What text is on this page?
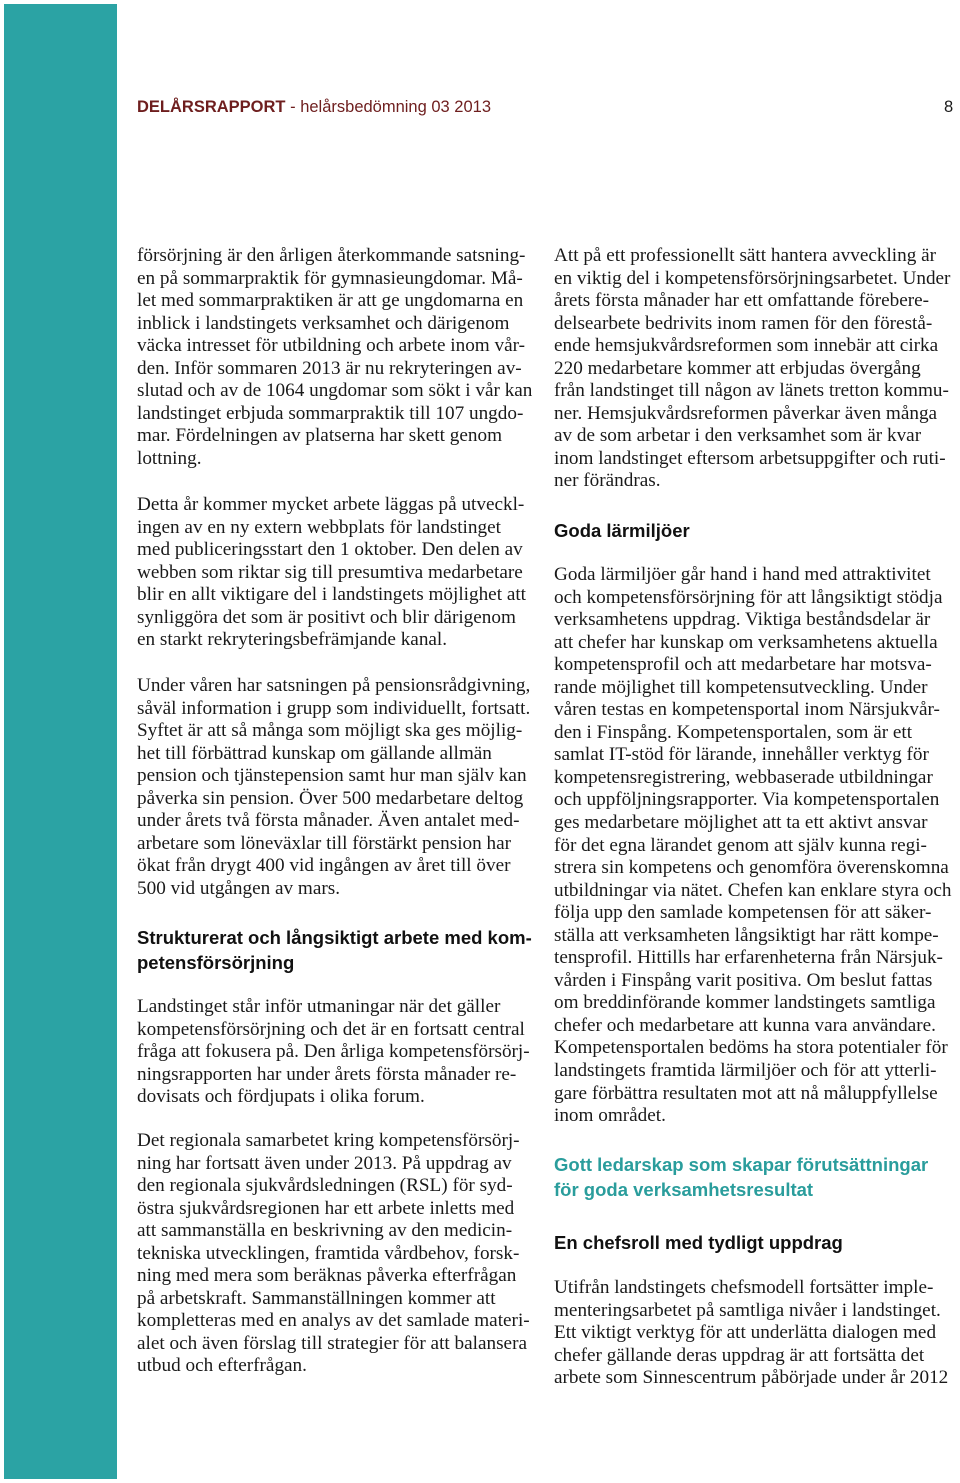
DELÅRSRAPPORT - helårsbedömning 03 2013	8

försörjning är den årligen återkommande satsning-
en på sommarpraktik för gymnasieungdomar. Må-
let med sommarpraktiken är att ge ungdomarna en
inblick i landstingets verksamhet och därigenom
väcka intresset för utbildning och arbete inom vår-
den. Inför sommaren 2013 är nu rekryteringen av-
slutad och av de 1064 ungdomar som sökt i vår kan
landstinget erbjuda sommarpraktik till 107 ungdo-
mar. Fördelningen av platserna har skett genom
lottning.

Detta år kommer mycket arbete läggas på utveckl-
ingen av en ny extern webbplats för landstinget
med publiceringsstart den 1 oktober. Den delen av
webben som riktar sig till presumtiva medarbetare
blir en allt viktigare del i landstingets möjlighet att
synliggöra det som är positivt och blir därigenom
en starkt rekryteringsbefrämjande kanal.

Under våren har satsningen på pensionsrådgivning,
såväl information i grupp som individuellt, fortsatt.
Syftet är att så många som möjligt ska ges möjlig-
het till förbättrad kunskap om gällande allmän
pension och tjänstepension samt hur man själv kan
påverka sin pension. Över 500 medarbetare deltog
under årets två första månader. Även antalet med-
arbetare som löneväxlar till förstärkt pension har
ökat från drygt 400 vid ingången av året till över
500 vid utgången av mars.

Strukturerat och långsiktigt arbete med kom-
petensförsörjning

Landstinget står inför utmaningar när det gäller
kompetensförsörjning och det är en fortsatt central
fråga att fokusera på. Den årliga kompetensförsörj-
ningsrapporten har under årets första månader re-
dovisats och fördjupats i olika forum.

Det regionala samarbetet kring kompetensförsörj-
ning har fortsatt även under 2013. På uppdrag av
den regionala sjukvårdsledningen (RSL) för syd-
östra sjukvårdsregionen har ett arbete inletts med
att sammanställa en beskrivning av den medicin-
tekniska utvecklingen, framtida vårdbehov, forsk-
ning med mera som beräknas påverka efterfrågan
på arbetskraft. Sammanställningen kommer att
kompletteras med en analys av det samlade materi-
alet och även förslag till strategier för att balansera
utbud och efterfrågan.

Att på ett professionellt sätt hantera avveckling är
en viktig del i kompetensförsörjningsarbetet. Under
årets första månader har ett omfattande förebere-
delsearbete bedrivits inom ramen för den förestå-
ende hemsjukvårdsreformen som innebär att cirka
220 medarbetare kommer att erbjudas övergång
från landstinget till någon av länets tretton kommu-
ner. Hemsjukvårdsreformen påverkar även många
av de som arbetar i den verksamhet som är kvar
inom landstinget eftersom arbetsuppgifter och ruti-
ner förändras.

Goda lärmiljöer

Goda lärmiljöer går hand i hand med attraktivitet
och kompetensförsörjning för att långsiktigt stödja
verksamhetens uppdrag. Viktiga beståndsdelar är
att chefer har kunskap om verksamhetens aktuella
kompetensprofil och att medarbetare har motsva-
rande möjlighet till kompetensutveckling. Under
våren testas en kompetensportal inom Närsjukvår-
den i Finspång. Kompetensportalen, som är ett
samlat IT-stöd för lärande, innehåller verktyg för
kompetensregistrering, webbaserade utbildningar
och uppföljningsrapporter. Via kompetensportalen
ges medarbetare möjlighet att ta ett aktivt ansvar
för det egna lärandet genom att själv kunna regi-
strera sin kompetens och genomföra överenskomna
utbildningar via nätet. Chefen kan enklare styra och
följa upp den samlade kompetensen för att säker-
ställa att verksamheten långsiktigt har rätt kompe-
tensprofil. Hittills har erfarenheterna från Närsjuk-
vården i Finspång varit positiva. Om beslut fattas
om breddinförande kommer landstingets samtliga
chefer och medarbetare att kunna vara användare.
Kompetensportalen bedöms ha stora potentialer för
landstingets framtida lärmiljöer och för att ytterli-
gare förbättra resultaten mot att nå måluppfyllelse
inom området.

Gott ledarskap som skapar förutsättningar
för goda verksamhetsresultat
En chefsroll med tydligt uppdrag

Utifrån landstingets chefsmodell fortsätter imple-
menteringsarbetet på samtliga nivåer i landstinget.
Ett viktigt verktyg för att underlätta dialogen med
chefer gällande deras uppdrag är att fortsätta det
arbete som Sinnescentrum påbörjade under år 2012
